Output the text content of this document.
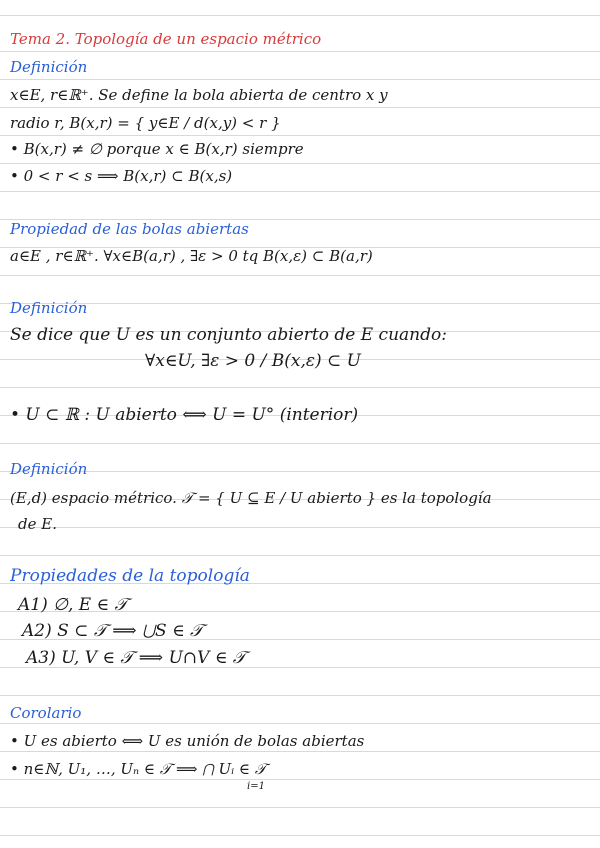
Tema 2. Topología de un espacio métrico
Definición
x∈E, r∈ℝ⁺. Se define la bola abierta de centro x y
radio r, B(x,r) = { y∈E / d(x,y) < r }
• B(x,r) ≠ ∅ porque x ∈ B(x,r) siempre
• 0 < r < s ⟹ B(x,r) ⊂ B(x,s)
Propiedad de las bolas abiertas
a∈E , r∈ℝ⁺. ∀x∈B(a,r) , ∃ε > 0 tq B(x,ε) ⊂ B(a,r)
Definición
Se dice que U es un conjunto abierto de E cuando:
∀x∈U, ∃ε > 0 / B(x,ε) ⊂ U
• U ⊂ ℝ : U abierto ⟺ U = U° (interior)
Definición
(E,d) espacio métrico. 𝒯 = { U ⊆ E / U abierto } es la topología
de E.
Propiedades de la topología
A1) ∅, E ∈ 𝒯
A2) S ⊂ 𝒯 ⟹ ⋃S ∈ 𝒯
A3) U, V ∈ 𝒯 ⟹ U∩V ∈ 𝒯
Corolario
• U es abierto ⟺ U es unión de bolas abiertas
• n∈ℕ, U₁, …, Uₙ ∈ 𝒯 ⟹ ⋂ Uᵢ ∈ 𝒯
i=1
